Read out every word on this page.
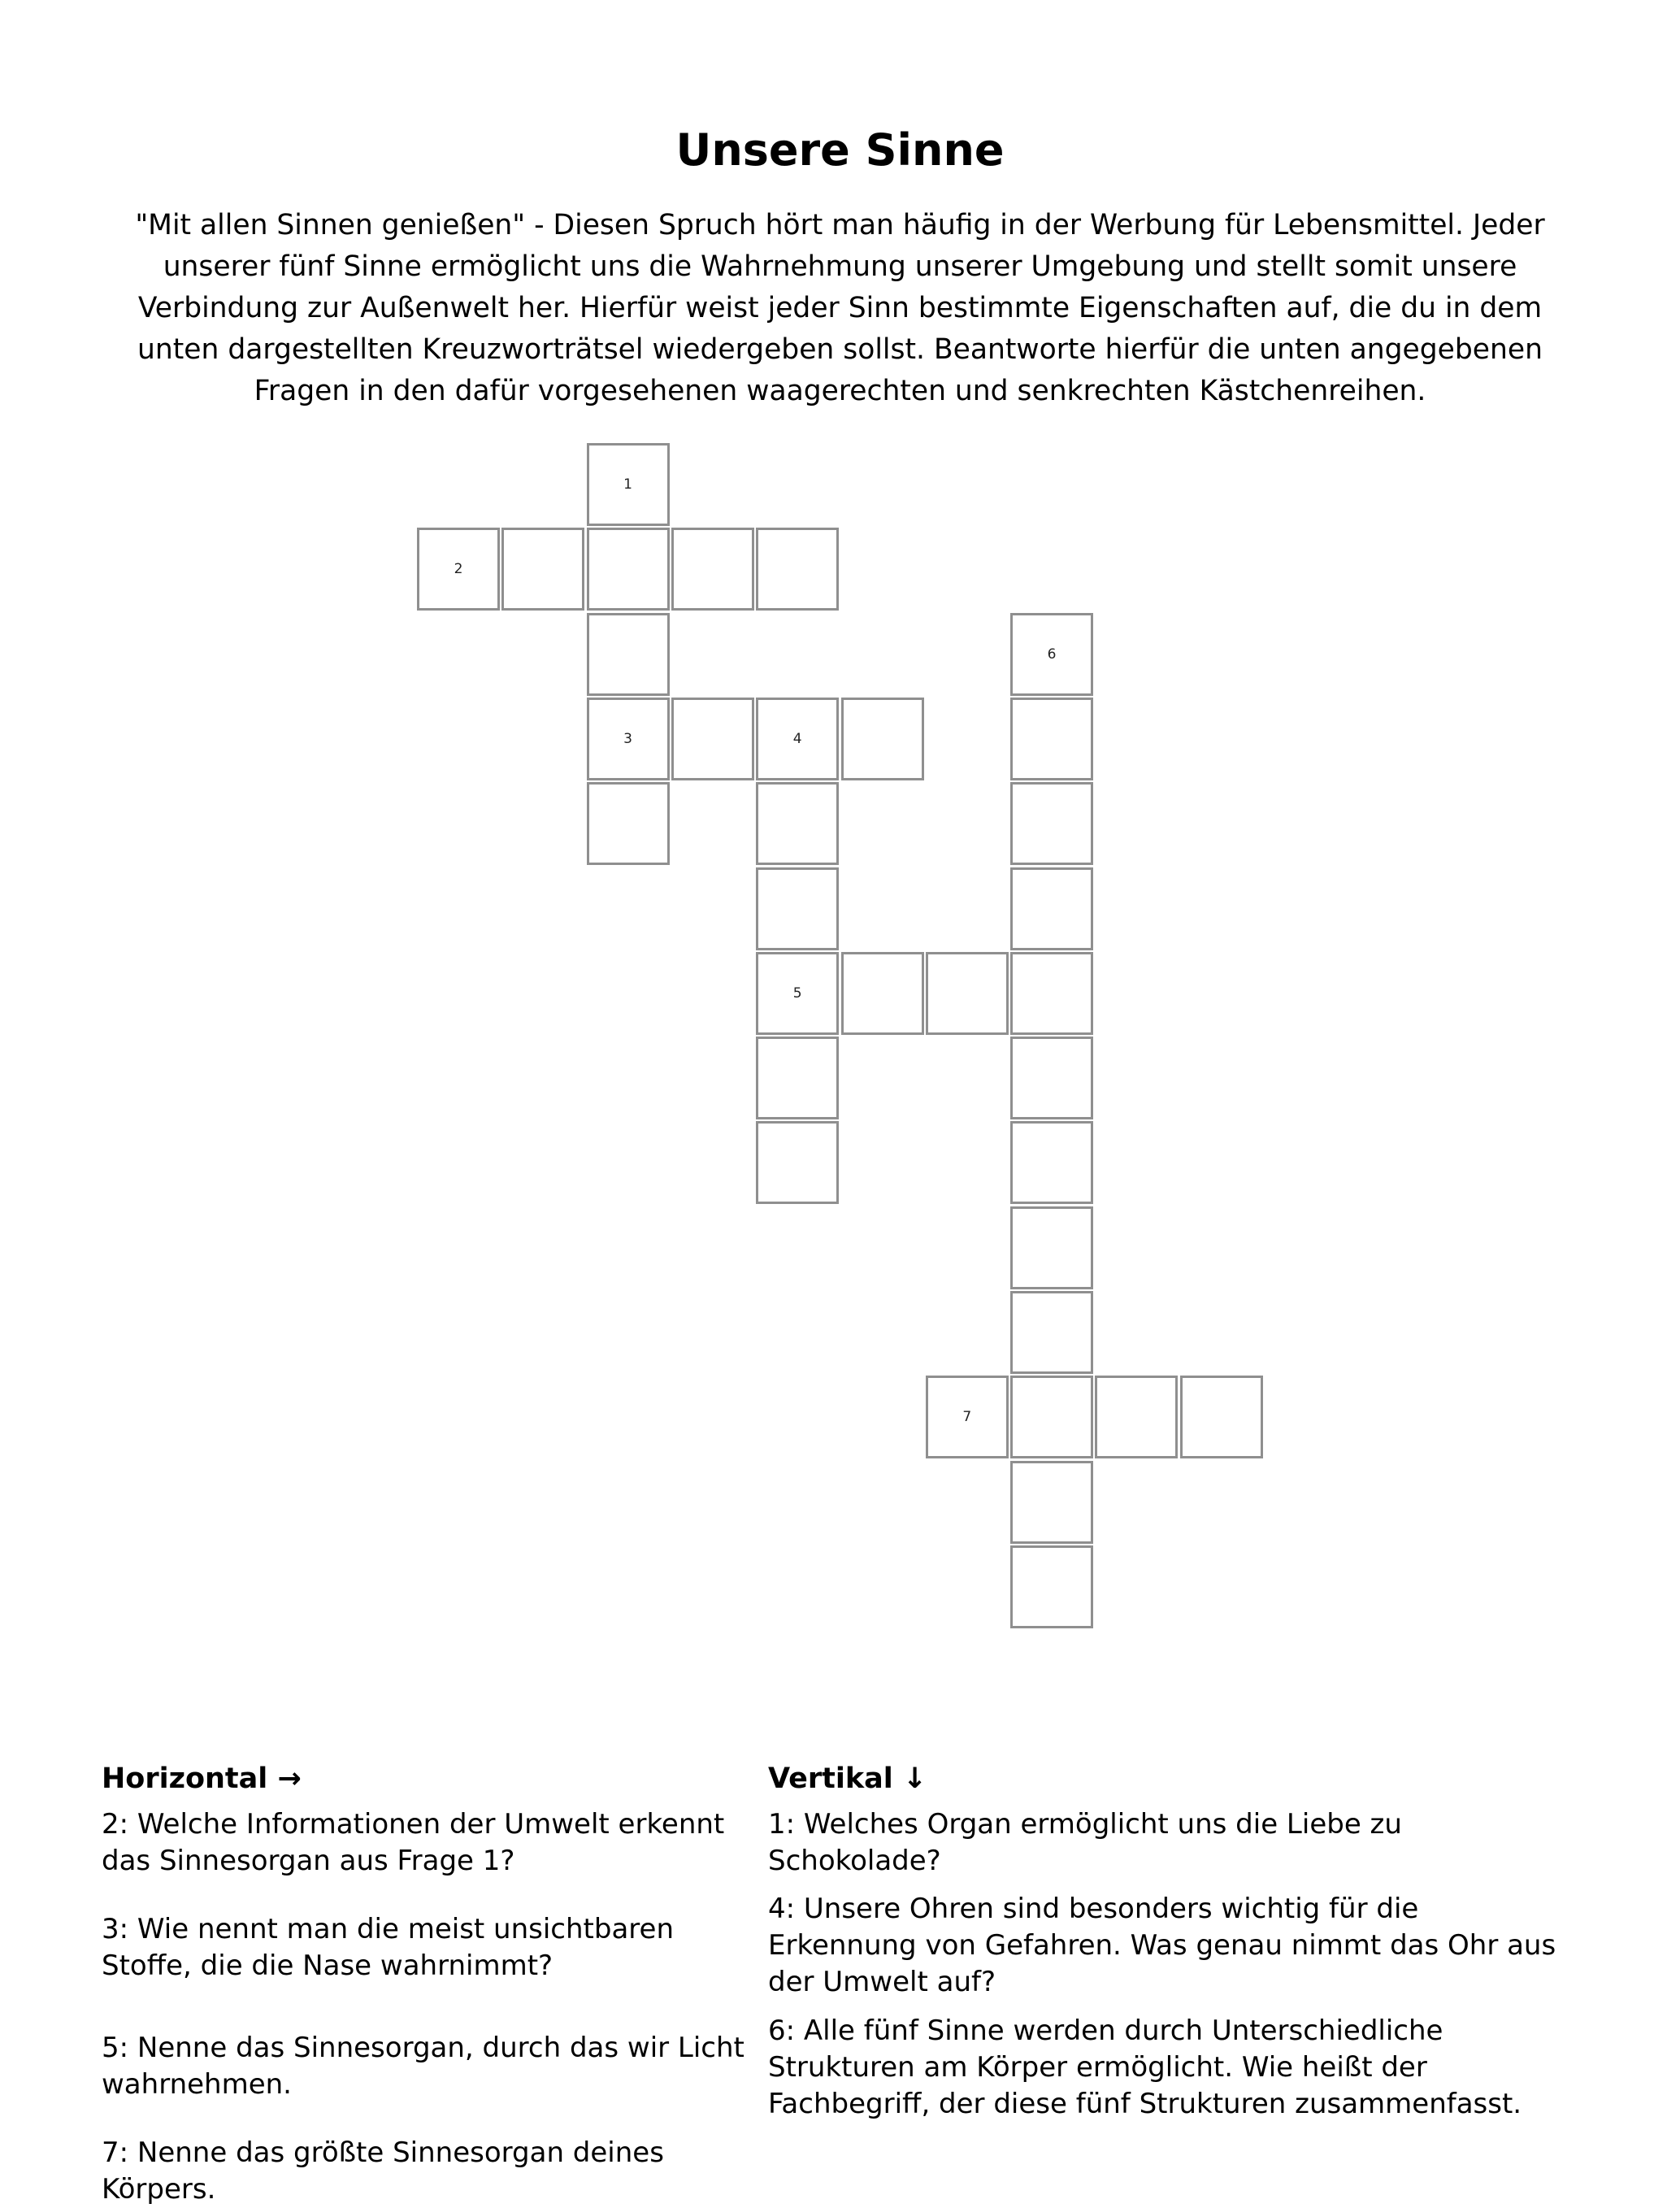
Unsere Sinne
"Mit allen Sinnen genießen" - Diesen Spruch hört man häufig in der Werbung für Lebensmittel. Jeder
unserer fünf Sinne ermöglicht uns die Wahrnehmung unserer Umgebung und stellt somit unsere
Verbindung zur Außenwelt her. Hierfür weist jeder Sinn bestimmte Eigenschaften auf, die du in dem
unten dargestellten Kreuzworträtsel wiedergeben sollst. Beantworte hierfür die unten angegebenen
Fragen in den dafür vorgesehenen waagerechten und senkrechten Kästchenreihen.
1
3
2
4
5
6
7
Horizontal →	Vertikal ↓
2: Welche Informationen der Umwelt erkennt
das Sinnesorgan aus Frage 1?
3: Wie nennt man die meist unsichtbaren
Stoffe, die die Nase wahrnimmt?
5: Nenne das Sinnesorgan, durch das wir Licht
wahrnehmen.
7: Nenne das größte Sinnesorgan deines
Körpers.
1: Welches Organ ermöglicht uns die Liebe zu
Schokolade?
4: Unsere Ohren sind besonders wichtig für die
Erkennung von Gefahren. Was genau nimmt das Ohr aus
der Umwelt auf?
6: Alle fünf Sinne werden durch Unterschiedliche
Strukturen am Körper ermöglicht. Wie heißt der
Fachbegriff, der diese fünf Strukturen zusammenfasst.
